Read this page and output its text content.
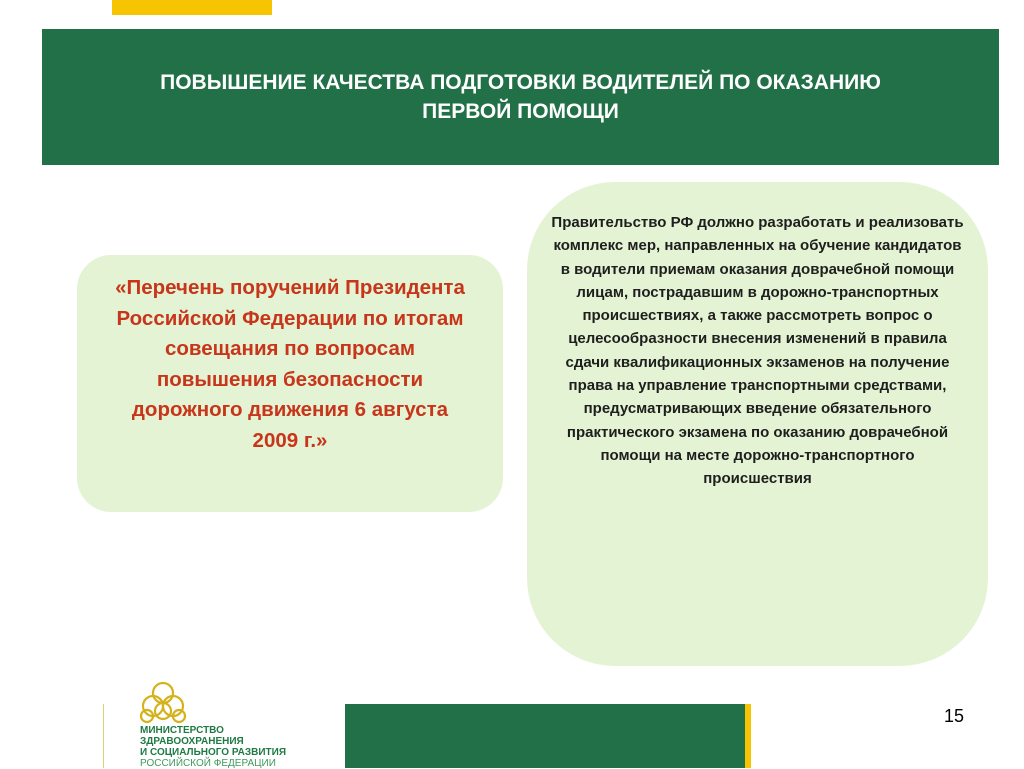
ПОВЫШЕНИЕ КАЧЕСТВА ПОДГОТОВКИ ВОДИТЕЛЕЙ ПО ОКАЗАНИЮ
ПЕРВОЙ ПОМОЩИ
«Перечень поручений Президента Российской Федерации по итогам совещания по вопросам повышения безопасности дорожного движения 6 августа 2009 г.»
Правительство РФ должно разработать и реализовать комплекс мер, направленных на обучение кандидатов в водители приемам оказания доврачебной помощи лицам, пострадавшим в дорожно-транспортных происшествиях, а также рассмотреть вопрос о целесообразности внесения изменений в правила сдачи квалификационных экзаменов на получение права на управление транспортными средствами, предусматривающих введение обязательного практического экзамена по оказанию доврачебной помощи на месте дорожно-транспортного происшествия
МИНИСТЕРСТВО
ЗДРАВООХРАНЕНИЯ
И СОЦИАЛЬНОГО РАЗВИТИЯ
РОССИЙСКОЙ ФЕДЕРАЦИИ
15
